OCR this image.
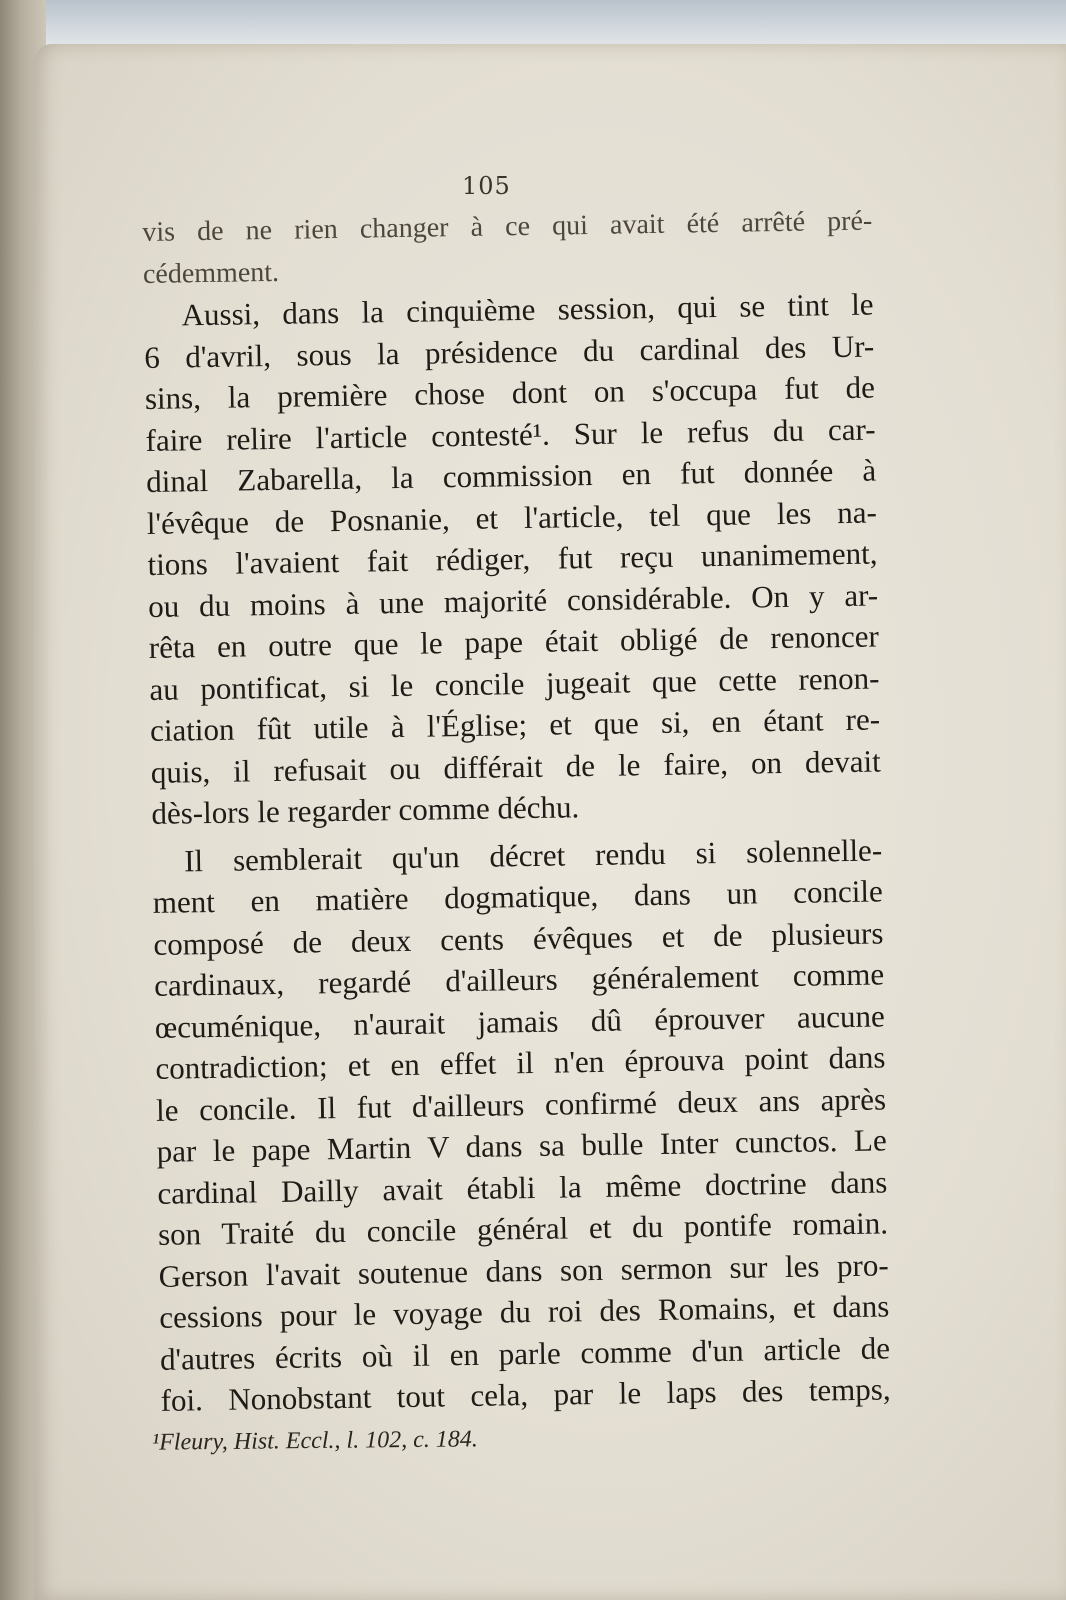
105
vis de ne rien changer à ce qui avait été arrêté pré-
cédemment.
Aussi, dans la cinquième session, qui se tint le
6 d'avril, sous la présidence du cardinal des Ur-
sins, la première chose dont on s'occupa fut de
faire relire l'article contesté¹. Sur le refus du car-
dinal Zabarella, la commission en fut donnée à
l'évêque de Posnanie, et l'article, tel que les na-
tions l'avaient fait rédiger, fut reçu unanimement,
ou du moins à une majorité considérable. On y ar-
rêta en outre que le pape était obligé de renoncer
au pontificat, si le concile jugeait que cette renon-
ciation fût utile à l'Église; et que si, en étant re-
quis, il refusait ou différait de le faire, on devait
dès-lors le regarder comme déchu.
Il semblerait qu'un décret rendu si solennelle-
ment en matière dogmatique, dans un concile
composé de deux cents évêques et de plusieurs
cardinaux, regardé d'ailleurs généralement comme
œcuménique, n'aurait jamais dû éprouver aucune
contradiction; et en effet il n'en éprouva point dans
le concile. Il fut d'ailleurs confirmé deux ans après
par le pape Martin V dans sa bulle Inter cunctos. Le
cardinal Dailly avait établi la même doctrine dans
son Traité du concile général et du pontife romain.
Gerson l'avait soutenue dans son sermon sur les pro-
cessions pour le voyage du roi des Romains, et dans
d'autres écrits où il en parle comme d'un article de
foi. Nonobstant tout cela, par le laps des temps,
¹Fleury, Hist. Eccl., l. 102, c. 184.
